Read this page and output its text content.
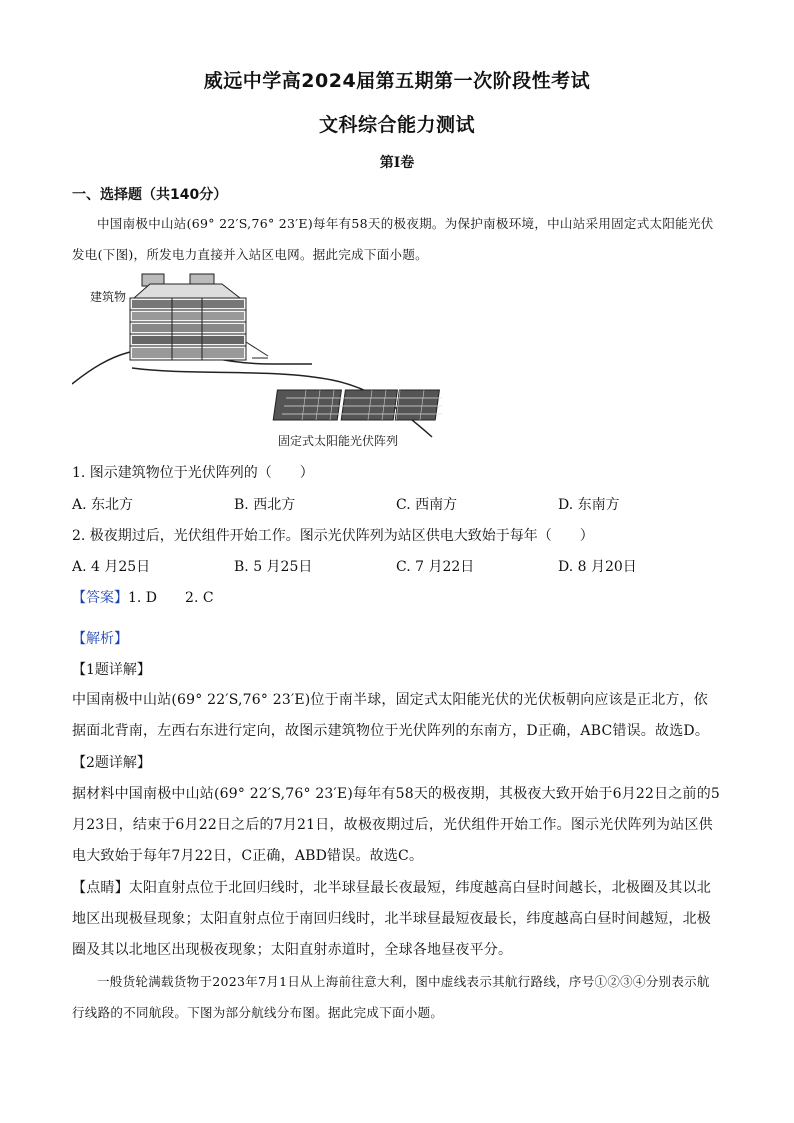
威远中学高2024届第五期第一次阶段性考试
文科综合能力测试
第Ⅰ卷
一、选择题（共140分）
中国南极中山站(69° 22′S,76° 23′E)每年有58天的极夜期。为保护南极环境，中山站采用固定式太阳能光伏发电(下图)，所发电力直接并入站区电网。据此完成下面小题。
建筑物
固定式太阳能光伏阵列
1. 图示建筑物位于光伏阵列的（　　）
A. 东北方	B. 西北方	C. 西南方	D. 东南方
2. 极夜期过后，光伏组件开始工作。图示光伏阵列为站区供电大致始于每年（　　）
A. 4 月25日	B. 5 月25日	C. 7 月22日	D. 8 月20日
【答案】1. D　　2. C
【解析】
【1题详解】
中国南极中山站(69° 22′S,76° 23′E)位于南半球，固定式太阳能光伏的光伏板朝向应该是正北方，依据面北背南，左西右东进行定向，故图示建筑物位于光伏阵列的东南方，D正确，ABC错误。故选D。
【2题详解】
据材料中国南极中山站(69° 22′S,76° 23′E)每年有58天的极夜期，其极夜大致开始于6月22日之前的5月23日，结束于6月22日之后的7月21日，故极夜期过后，光伏组件开始工作。图示光伏阵列为站区供电大致始于每年7月22日，C正确，ABD错误。故选C。
【点睛】太阳直射点位于北回归线时，北半球昼最长夜最短，纬度越高白昼时间越长，北极圈及其以北地区出现极昼现象；太阳直射点位于南回归线时，北半球昼最短夜最长，纬度越高白昼时间越短，北极圈及其以北地区出现极夜现象；太阳直射赤道时，全球各地昼夜平分。
一般货轮满载货物于2023年7月1日从上海前往意大利，图中虚线表示其航行路线，序号①②③④分别表示航行线路的不同航段。下图为部分航线分布图。据此完成下面小题。
